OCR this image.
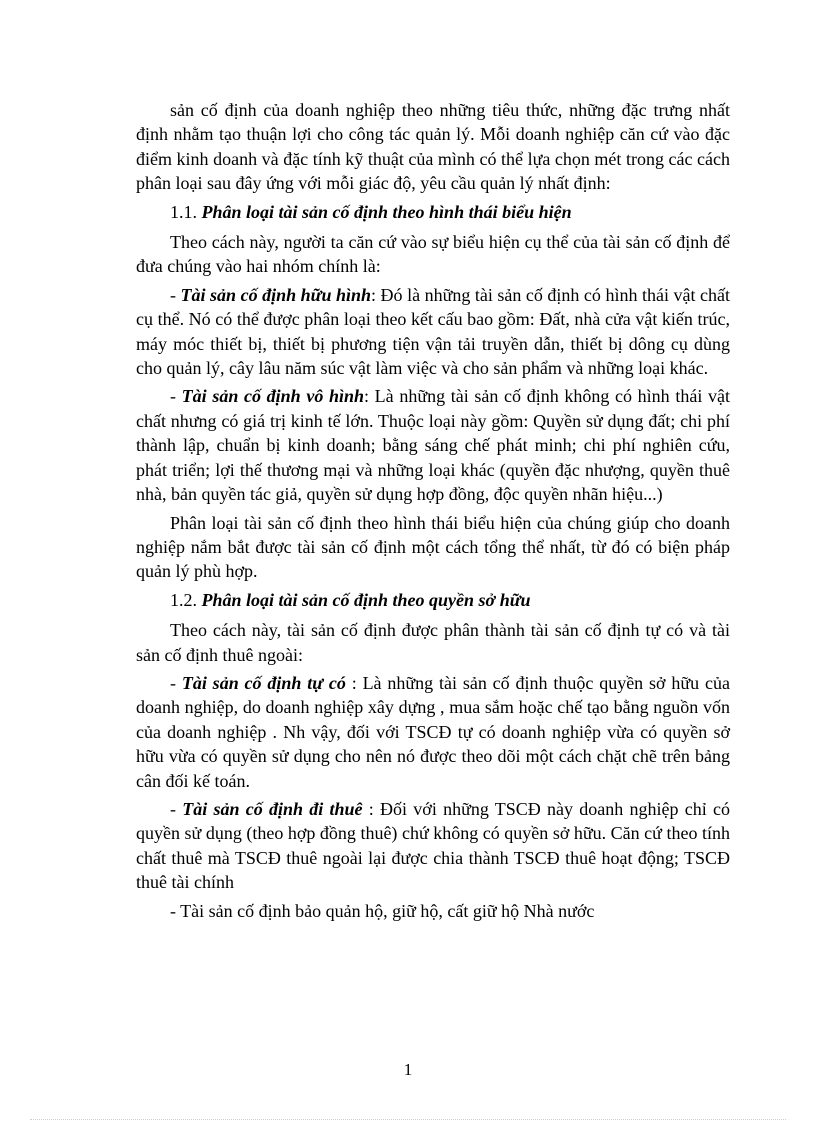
sản cố định của doanh nghiệp theo những tiêu thức, những đặc trưng nhất định nhằm tạo thuận lợi cho công tác quản lý. Mỗi doanh nghiệp căn cứ vào đặc điểm kinh doanh và đặc tính kỹ thuật của mình có thể lựa chọn mét trong các cách phân loại sau đây ứng với mỗi giác độ, yêu cầu quản lý nhất định:

1.1. Phân loại tài sản cố định theo hình thái biểu hiện

Theo cách này, người ta căn cứ vào sự biểu hiện cụ thể của tài sản cố định để đưa chúng vào hai nhóm chính là:

- Tài sản cố định hữu hình: Đó là những tài sản cố định có hình thái vật chất cụ thể. Nó có thể được phân loại theo kết cấu bao gồm: Đất, nhà cửa vật kiến trúc, máy móc thiết bị, thiết bị phương tiện vận tải truyền dẫn, thiết bị dông cụ dùng cho quản lý, cây lâu năm súc vật làm việc và cho sản phẩm và những loại khác.

- Tài sản cố định vô hình: Là những tài sản cố định không có hình thái vật chất nhưng có giá trị kinh tế lớn. Thuộc loại này gồm: Quyền sử dụng đất; chi phí thành lập, chuẩn bị kinh doanh; bằng sáng chế phát minh; chi phí nghiên cứu, phát triển; lợi thế thương mại và những loại khác (quyền đặc nhượng, quyền thuê nhà, bản quyền tác giả, quyền sử dụng hợp đồng, độc quyền nhãn hiệu...)

Phân loại tài sản cố định theo hình thái biểu hiện của chúng giúp cho doanh nghiệp nắm bắt được tài sản cố định một cách tổng thể nhất, từ đó có biện pháp quản lý phù hợp.

1.2. Phân loại tài sản cố định theo quyền sở hữu

Theo cách này, tài sản cố định được phân thành tài sản cố định tự có và tài sản cố định thuê ngoài:

- Tài sản cố định tự có : Là những tài sản cố định thuộc quyền sở hữu của doanh nghiệp, do doanh nghiệp xây dựng , mua sắm hoặc chế tạo bằng nguồn vốn của doanh nghiệp . Nh vậy, đối với TSCĐ tự có doanh nghiệp vừa có quyền sở hữu vừa có quyền sử dụng cho nên nó được theo dõi một cách chặt chẽ trên bảng cân đối kế toán.

- Tài sản cố định đi thuê : Đối với những TSCĐ này doanh nghiệp chỉ có quyền sử dụng (theo hợp đồng thuê) chứ không có quyền sở hữu. Căn cứ theo tính chất thuê mà TSCĐ thuê ngoài lại được chia thành TSCĐ thuê hoạt động; TSCĐ thuê tài chính

- Tài sản cố định bảo quản hộ, giữ hộ, cất giữ hộ Nhà nước

1
